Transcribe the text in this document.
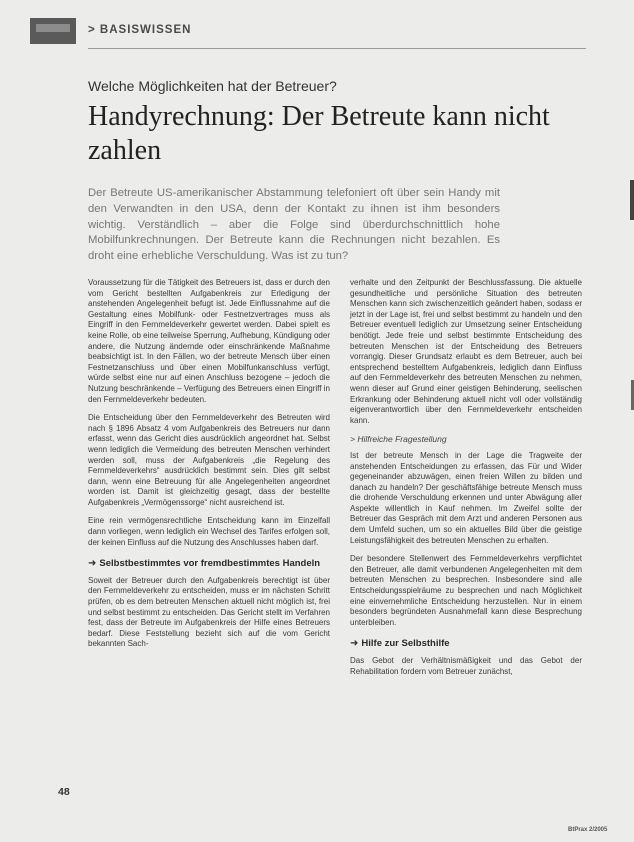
> BASISWISSEN
Welche Möglichkeiten hat der Betreuer?
Handyrechnung: Der Betreute kann nicht zahlen

Der Betreute US-amerikanischer Abstammung telefoniert oft über sein Handy mit den Verwandten in den USA, denn der Kontakt zu ihnen ist ihm besonders wichtig. Verständlich – aber die Folge sind überdurchschnittlich hohe Mobilfunkrechnungen. Der Betreute kann die Rechnungen nicht bezahlen. Es droht eine erhebliche Verschuldung. Was ist zu tun?

Voraussetzung für die Tätigkeit des Betreuers ist, dass er durch den vom Gericht bestellten Aufgabenkreis zur Erledigung der anstehenden Angelegenheit befugt ist. Jede Einflussnahme auf die Gestaltung eines Mobilfunk- oder Festnetzvertrages muss als Eingriff in den Fernmeldeverkehr gewertet werden. Dabei spielt es keine Rolle, ob eine teilweise Sperrung, Aufhebung, Kündigung oder andere, die Nutzung ändernde oder einschränkende Maßnahme beabsichtigt ist. In den Fällen, wo der betreute Mensch über einen Festnetzanschluss und über einen Mobilfunkanschluss verfügt, würde selbst eine nur auf einen Anschluss bezogene – jedoch die Nutzung beschränkende – Verfügung des Betreuers einen Eingriff in den Fernmeldeverkehr bedeuten.

Die Entscheidung über den Fernmeldeverkehr des Betreuten wird nach § 1896 Absatz 4 vom Aufgabenkreis des Betreuers nur dann erfasst, wenn das Gericht dies ausdrücklich angeordnet hat. Selbst wenn lediglich die Vermeidung des betreuten Menschen verhindert werden soll, muss der Aufgabenkreis „die Regelung des Fernmeldeverkehrs“ ausdrücklich bestimmt sein. Dies gilt selbst dann, wenn eine Betreuung für alle Angelegenheiten angeordnet worden ist. Damit ist gleichzeitig gesagt, dass der bestellte Aufgabenkreis „Vermögenssorge“ nicht ausreichend ist.

Eine rein vermögensrechtliche Entscheidung kann im Einzelfall dann vorliegen, wenn lediglich ein Wechsel des Tarifes erfolgen soll, der keinen Einfluss auf die Nutzung des Anschlusses haben darf.

➜ Selbstbestimmtes vor fremdbestimmtes Handeln

Soweit der Betreuer durch den Aufgabenkreis berechtigt ist über den Fernmeldeverkehr zu entscheiden, muss er im nächsten Schritt prüfen, ob es dem betreuten Menschen aktuell nicht möglich ist, frei und selbst bestimmt zu entscheiden. Das Gericht stellt im Verfahren fest, dass der Betreute im Aufgabenkreis der Hilfe eines Betreuers bedarf. Diese Feststellung bezieht sich auf die vom Gericht bekannten Sach-

verhalte und den Zeitpunkt der Beschlussfassung. Die aktuelle gesundheitliche und persönliche Situation des betreuten Menschen kann sich zwischenzeitlich geändert haben, sodass er jetzt in der Lage ist, frei und selbst bestimmt zu handeln und den Betreuer eventuell lediglich zur Umsetzung seiner Entscheidung benötigt. Jede freie und selbst bestimmte Entscheidung des betreuten Menschen ist der Entscheidung des Betreuers vorrangig. Dieser Grundsatz erlaubt es dem Betreuer, auch bei entsprechend bestelltem Aufgabenkreis, lediglich dann Einfluss auf den Fernmeldeverkehr des betreuten Menschen zu nehmen, wenn dieser auf Grund einer geistigen Behinderung, seelischen Erkrankung oder Behinderung aktuell nicht voll oder vollständig eigenverantwortlich über den Fernmeldeverkehr entscheiden kann.

> Hilfreiche Fragestellung

Ist der betreute Mensch in der Lage die Tragweite der anstehenden Entscheidungen zu erfassen, das Für und Wider gegeneinander abzuwägen, einen freien Willen zu bilden und danach zu handeln? Der geschäftsfähige betreute Mensch muss die drohende Verschuldung erkennen und unter Abwägung aller Aspekte willentlich in Kauf nehmen. Im Zweifel sollte der Betreuer das Gespräch mit dem Arzt und anderen Personen aus dem Umfeld suchen, um so ein aktuelles Bild über die geistige Leistungsfähigkeit des betreuten Menschen zu erhalten.

Der besondere Stellenwert des Fernmeldeverkehrs verpflichtet den Betreuer, alle damit verbundenen Angelegenheiten mit dem betreuten Menschen zu besprechen. Insbesondere sind alle Entscheidungsspielräume zu besprechen und nach Möglichkeit eine einvernehmliche Entscheidung herzustellen. Nur in einem besonders begründeten Ausnahmefall kann diese Besprechung unterbleiben.

➜ Hilfe zur Selbsthilfe

Das Gebot der Verhältnismäßigkeit und das Gebot der Rehabilitation fordern vom Betreuer zunächst,

48
BtPrax 2/2005
